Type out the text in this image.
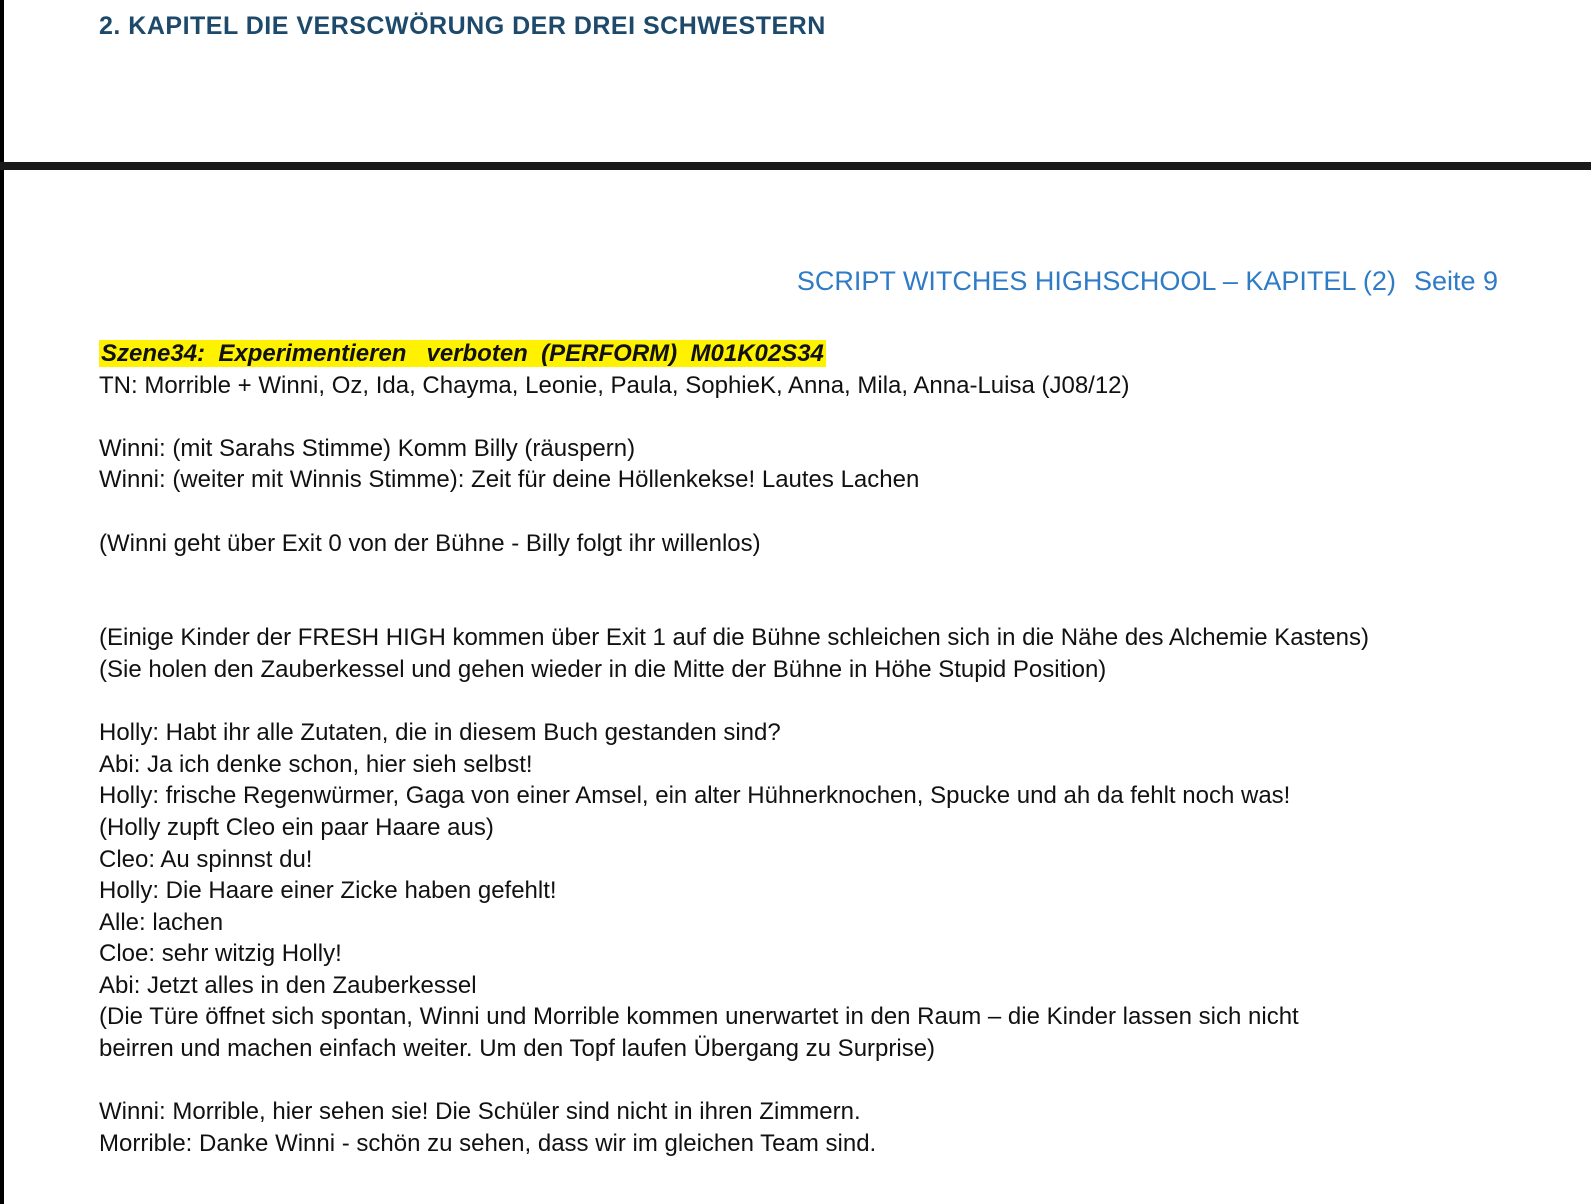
2. KAPITEL DIE VERSCWÖRUNG DER DREI SCHWESTERN
SCRIPT WITCHES HIGHSCHOOL – KAPITEL (2) Seite 9
Szene34:  Experimentieren   verboten  (PERFORM)  M01K02S34
TN: Morrible + Winni, Oz, Ida, Chayma, Leonie, Paula, SophieK, Anna, Mila, Anna-Luisa (J08/12)
Winni: (mit Sarahs Stimme) Komm Billy (räuspern)
Winni: (weiter mit Winnis Stimme): Zeit für deine Höllenkekse! Lautes Lachen
(Winni geht über Exit 0 von der Bühne - Billy folgt ihr willenlos)
(Einige Kinder der FRESH HIGH kommen über Exit 1 auf die Bühne schleichen sich in die Nähe des Alchemie Kastens)
(Sie holen den Zauberkessel und gehen wieder in die Mitte der Bühne in Höhe Stupid Position)
Holly: Habt ihr alle Zutaten, die in diesem Buch gestanden sind?
Abi: Ja ich denke schon, hier sieh selbst!
Holly: frische Regenwürmer, Gaga von einer Amsel, ein alter Hühnerknochen, Spucke und ah da fehlt noch was!
(Holly zupft Cleo ein paar Haare aus)
Cleo: Au spinnst du!
Holly: Die Haare einer Zicke haben gefehlt!
Alle: lachen
Cloe: sehr witzig Holly!
Abi: Jetzt alles in den Zauberkessel
(Die Türe öffnet sich spontan, Winni und Morrible kommen unerwartet in den Raum – die Kinder lassen sich nicht
beirren und machen einfach weiter. Um den Topf laufen Übergang zu Surprise)
Winni: Morrible, hier sehen sie! Die Schüler sind nicht in ihren Zimmern.
Morrible: Danke Winni - schön zu sehen, dass wir im gleichen Team sind.
